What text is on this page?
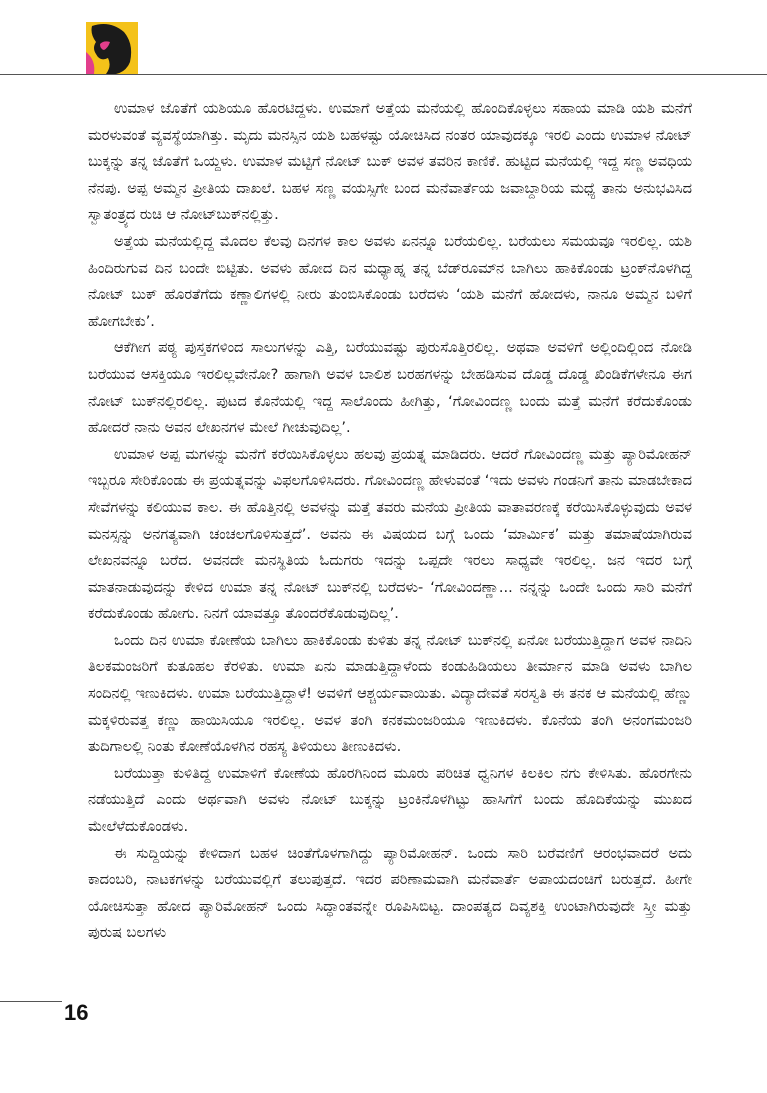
ಉಮಾಳ ಜೊತೆಗೆ ಯಶಿಯೂ ಹೊರಟಿದ್ದಳು. ಉಮಾಗೆ ಅತ್ತೆಯ ಮನೆಯಲ್ಲಿ ಹೊಂದಿಕೊಳ್ಳಲು ಸಹಾಯ ಮಾಡಿ ಯಶಿ ಮನೆಗೆ ಮರಳುವಂತೆ ವ್ಯವಸ್ಥೆಯಾಗಿತ್ತು. ಮೃದು ಮನಸ್ಸಿನ ಯಶಿ ಬಹಳಷ್ಟು ಯೋಚಿಸಿದ ನಂತರ ಯಾವುದಕ್ಕೂ ಇರಲಿ ಎಂದು ಉಮಾಳ ನೋಟ್ ಬುಕ್ಕನ್ನು ತನ್ನ ಜೊತೆಗೆ ಒಯ್ದಳು. ಉಮಾಳ ಮಟ್ಟಿಗೆ ನೋಟ್ ಬುಕ್ ಅವಳ ತವರಿನ ಕಾಣಿಕೆ. ಹುಟ್ಟಿದ ಮನೆಯಲ್ಲಿ ಇದ್ದ ಸಣ್ಣ ಅವಧಿಯ ನೆನಪು. ಅಪ್ಪ ಅಮ್ಮನ ಪ್ರೀತಿಯ ದಾಖಲೆ. ಬಹಳ ಸಣ್ಣ ವಯಸ್ಸಿಗೇ ಬಂದ ಮನೆವಾರ್ತೆಯ ಜವಾಬ್ದಾರಿಯ ಮಧ್ಯೆ ತಾನು ಅನುಭವಿಸಿದ ಸ್ವಾತಂತ್ರ್ಯದ ರುಚಿ ಆ ನೋಟ್‍ಬುಕ್‍ನಲ್ಲಿತ್ತು.

ಅತ್ತೆಯ ಮನೆಯಲ್ಲಿದ್ದ ಮೊದಲ ಕೆಲವು ದಿನಗಳ ಕಾಲ ಅವಳು ಏನನ್ನೂ ಬರೆಯಲಿಲ್ಲ. ಬರೆಯಲು ಸಮಯವೂ ಇರಲಿಲ್ಲ. ಯಶಿ ಹಿಂದಿರುಗುವ ದಿನ ಬಂದೇ ಬಿಟ್ಟಿತು. ಅವಳು ಹೋದ ದಿನ ಮಧ್ಯಾಹ್ನ ತನ್ನ ಬೆಡ್‍ರೂಮ್‍ನ ಬಾಗಿಲು ಹಾಕಿಕೊಂಡು ಟ್ರಂಕ್‍ನೊಳಗಿದ್ದ ನೋಟ್ ಬುಕ್ ಹೊರತೆಗೆದು ಕಣ್ಣಾಲಿಗಳಲ್ಲಿ ನೀರು ತುಂಬಿಸಿಕೊಂಡು ಬರೆದಳು ‘ಯಶಿ ಮನೆಗೆ ಹೋದಳು, ನಾನೂ ಅಮ್ಮನ ಬಳಿಗೆ ಹೋಗಬೇಕು’.

ಆಕೆಗೀಗ ಪಠ್ಯ ಪುಸ್ತಕಗಳಿಂದ ಸಾಲುಗಳನ್ನು ಎತ್ತಿ, ಬರೆಯುವಷ್ಟು ಪುರುಸೊತ್ತಿರಲಿಲ್ಲ. ಅಥವಾ ಅವಳಿಗೆ ಅಲ್ಲಿಂದಿಲ್ಲಿಂದ ನೋಡಿ ಬರೆಯುವ ಆಸಕ್ತಿಯೂ ಇರಲಿಲ್ಲವೇನೋ? ಹಾಗಾಗಿ ಅವಳ ಬಾಲಿಶ ಬರಹಗಳನ್ನು ಬೇಹಡಿಸುವ ದೊಡ್ಡ ದೊಡ್ಡ ಖಿಂಡಿಕೆಗಳೇನೂ ಈಗ ನೋಟ್ ಬುಕ್‍ನಲ್ಲಿರಲಿಲ್ಲ. ಪುಟದ ಕೊನೆಯಲ್ಲಿ ಇದ್ದ ಸಾಲೊಂದು ಹೀಗಿತ್ತು, ‘ಗೋವಿಂದಣ್ಣ ಬಂದು ಮತ್ತೆ ಮನೆಗೆ ಕರೆದುಕೊಂಡು ಹೋದರೆ ನಾನು ಅವನ ಲೇಖನಗಳ ಮೇಲೆ ಗೀಚುವುದಿಲ್ಲ’.

ಉಮಾಳ ಅಪ್ಪ ಮಗಳನ್ನು ಮನೆಗೆ ಕರೆಯಿಸಿಕೊಳ್ಳಲು ಹಲವು ಪ್ರಯತ್ನ ಮಾಡಿದರು. ಆದರೆ ಗೋವಿಂದಣ್ಣ ಮತ್ತು ಪ್ಯಾರಿಮೋಹನ್ ಇಬ್ಬರೂ ಸೇರಿಕೊಂಡು ಈ ಪ್ರಯತ್ನವನ್ನು ವಿಫಲಗೊಳಿಸಿದರು. ಗೋವಿಂದಣ್ಣ ಹೇಳುವಂತೆ ‘ಇದು ಅವಳು ಗಂಡನಿಗೆ ತಾನು ಮಾಡಬೇಕಾದ ಸೇವೆಗಳನ್ನು ಕಲಿಯುವ ಕಾಲ. ಈ ಹೊತ್ತಿನಲ್ಲಿ ಅವಳನ್ನು ಮತ್ತೆ ತವರು ಮನೆಯ ಪ್ರೀತಿಯ ವಾತಾವರಣಕ್ಕೆ ಕರೆಯಿಸಿಕೊಳ್ಳುವುದು ಅವಳ ಮನಸ್ಸನ್ನು ಅನಗತ್ಯವಾಗಿ ಚಂಚಲಗೊಳಿಸುತ್ತದೆ’. ಅವನು ಈ ವಿಷಯದ ಬಗ್ಗೆ ಒಂದು ‘ಮಾರ್ಮಿಕ’ ಮತ್ತು ತಮಾಷೆಯಾಗಿರುವ ಲೇಖನವನ್ನೂ ಬರೆದ. ಅವನದೇ ಮನಸ್ಥಿತಿಯ ಓದುಗರು ಇದನ್ನು ಒಪ್ಪದೇ ಇರಲು ಸಾಧ್ಯವೇ ಇರಲಿಲ್ಲ. ಜನ ಇದರ ಬಗ್ಗೆ ಮಾತನಾಡುವುದನ್ನು ಕೇಳಿದ ಉಮಾ ತನ್ನ ನೋಟ್ ಬುಕ್‍ನಲ್ಲಿ ಬರೆದಳು- ‘ಗೋವಿಂದಣ್ಣಾ... ನನ್ನನ್ನು ಒಂದೇ ಒಂದು ಸಾರಿ ಮನೆಗೆ ಕರೆದುಕೊಂಡು ಹೋಗು. ನಿನಗೆ ಯಾವತ್ತೂ ತೊಂದರೆಕೊಡುವುದಿಲ್ಲ’.

ಒಂದು ದಿನ ಉಮಾ ಕೋಣೆಯ ಬಾಗಿಲು ಹಾಕಿಕೊಂಡು ಕುಳಿತು ತನ್ನ ನೋಟ್ ಬುಕ್‍ನಲ್ಲಿ ಏನೋ ಬರೆಯುತ್ತಿದ್ದಾಗ ಅವಳ ನಾದಿನಿ ತಿಲಕಮಂಜರಿಗೆ ಕುತೂಹಲ ಕೆರಳಿತು. ಉಮಾ ಏನು ಮಾಡುತ್ತಿದ್ದಾಳೆಂದು ಕಂಡುಹಿಡಿಯಲು ತೀರ್ಮಾನ ಮಾಡಿ ಅವಳು ಬಾಗಿಲ ಸಂದಿನಲ್ಲಿ ಇಣುಕಿದಳು. ಉಮಾ ಬರೆಯುತ್ತಿದ್ದಾಳೆ! ಅವಳಿಗೆ ಆಶ್ಚರ್ಯವಾಯಿತು. ವಿದ್ಯಾದೇವತೆ ಸರಸ್ವತಿ ಈ ತನಕ ಆ ಮನೆಯಲ್ಲಿ ಹೆಣ್ಣು ಮಕ್ಕಳಿರುವತ್ತ ಕಣ್ಣು ಹಾಯಿಸಿಯೂ ಇರಲಿಲ್ಲ. ಅವಳ ತಂಗಿ ಕನಕಮಂಜರಿಯೂ ಇಣುಕಿದಳು. ಕೊನೆಯ ತಂಗಿ ಅನಂಗಮಂಜರಿ ತುದಿಗಾಲಲ್ಲಿ ನಿಂತು ಕೋಣೆಯೊಳಗಿನ ರಹಸ್ಯ ತಿಳಿಯಲು ತೀಣುಕಿದಳು.

ಬರೆಯುತ್ತಾ ಕುಳಿತಿದ್ದ ಉಮಾಳಿಗೆ ಕೋಣೆಯ ಹೊರಗಿನಿಂದ ಮೂರು ಪರಿಚಿತ ಧ್ವನಿಗಳ ಕಿಲಕಿಲ ನಗು ಕೇಳಿಸಿತು. ಹೊರಗೇನು ನಡೆಯುತ್ತಿದೆ ಎಂದು ಅರ್ಥವಾಗಿ ಅವಳು ನೋಟ್ ಬುಕ್ಕನ್ನು ಟ್ರಂಕಿನೊಳಗಿಟ್ಟು ಹಾಸಿಗೆಗೆ ಬಂದು ಹೊದಿಕೆಯನ್ನು ಮುಖದ ಮೇಲೆಳೆದುಕೊಂಡಳು.

ಈ ಸುದ್ದಿಯನ್ನು ಕೇಳಿದಾಗ ಬಹಳ ಚಿಂತೆಗೊಳಗಾಗಿದ್ದು ಪ್ಯಾರಿಮೋಹನ್. ಒಂದು ಸಾರಿ ಬರೆವಣಿಗೆ ಆರಂಭವಾದರೆ ಅದು ಕಾದಂಬರಿ, ನಾಟಕಗಳನ್ನು ಬರೆಯುವಲ್ಲಿಗೆ ತಲುಪುತ್ತದೆ. ಇದರ ಪರಿಣಾಮವಾಗಿ ಮನೆವಾರ್ತೆ ಅಪಾಯದಂಚಿಗೆ ಬರುತ್ತದೆ. ಹೀಗೇ ಯೋಚಿಸುತ್ತಾ ಹೋದ ಪ್ಯಾರಿಮೋಹನ್ ಒಂದು ಸಿದ್ಧಾಂತವನ್ನೇ ರೂಪಿಸಿಬಿಟ್ಟ. ದಾಂಪತ್ಯದ ದಿವ್ಯಶಕ್ತಿ ಉಂಟಾಗಿರುವುದೇ ಸ್ತ್ರೀ ಮತ್ತು ಪುರುಷ ಬಲಗಳು

16
